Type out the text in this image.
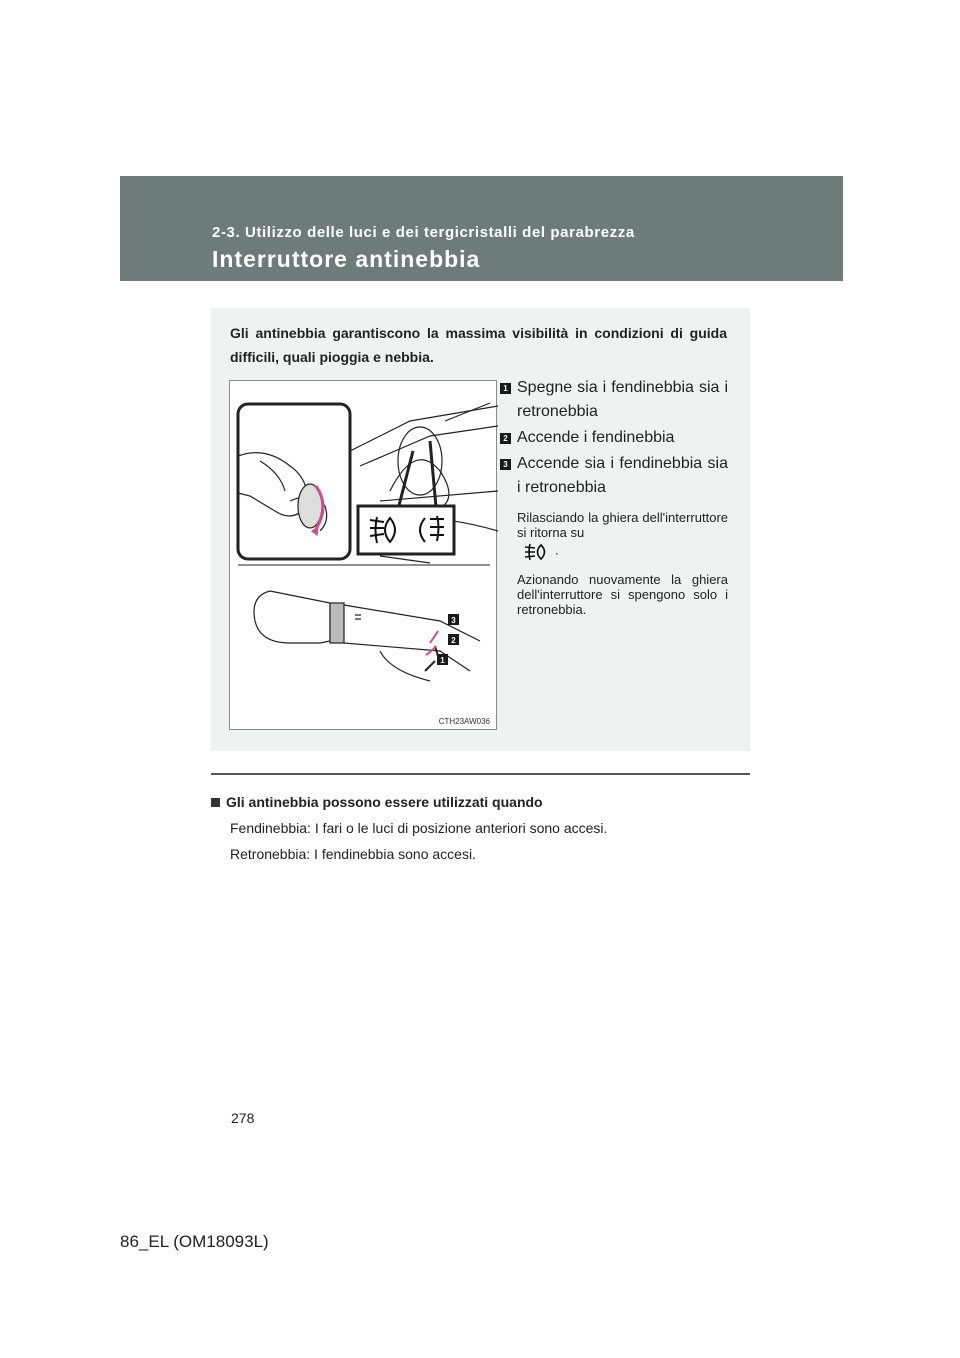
2-3. Utilizzo delle luci e dei tergicristalli del parabrezza
Interruttore antinebbia
Gli antinebbia garantiscono la massima visibilità in condizioni di guida difficili, quali pioggia e nebbia.
3
2
1
CTH23AW036
1 Spegne sia i fendinebbia sia i retronebbia
2 Accende i fendinebbia
3 Accende sia i fendinebbia sia i retronebbia
Rilasciando la ghiera dell'interruttore si ritorna su
.
Azionando nuovamente la ghiera dell'interruttore si spengono solo i retronebbia.
Gli antinebbia possono essere utilizzati quando
Fendinebbia: I fari o le luci di posizione anteriori sono accesi.
Retronebbia: I fendinebbia sono accesi.
278
86_EL (OM18093L)
